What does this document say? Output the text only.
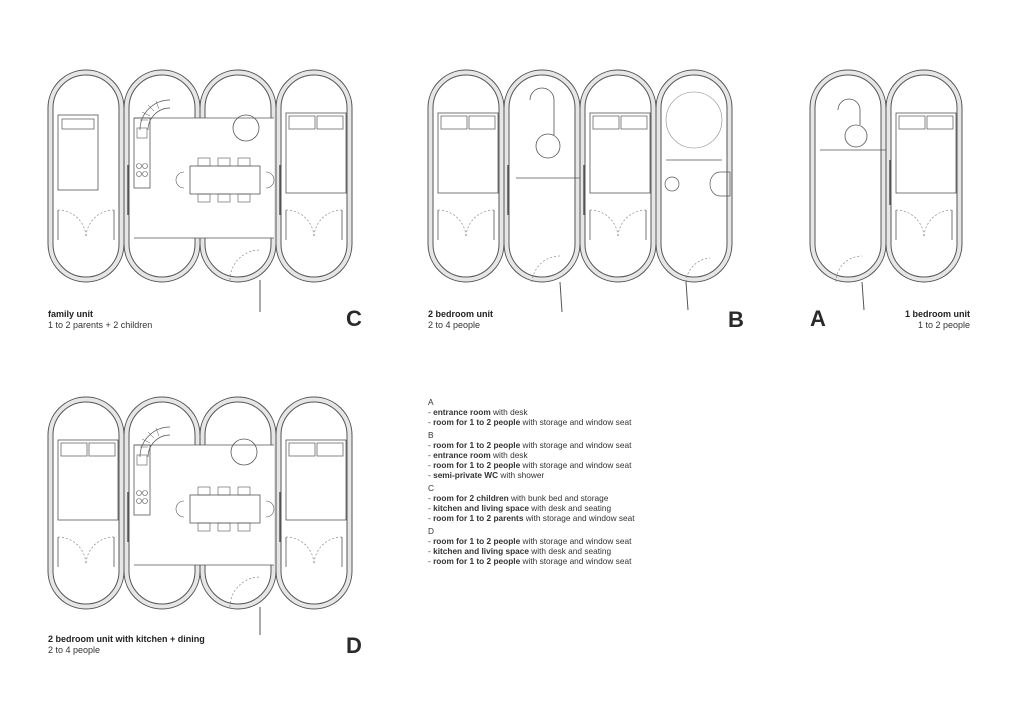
family unit
1 to 2 parents + 2 children	C	2 bedroom unit
2 to 4 people	B	A	1 bedroom unit
1 to 2 people
2 bedroom unit with kitchen + dining
2 to 4 people	D
A
- entrance room with desk
- room for 1 to 2 people with storage and window seat
B
- room for 1 to 2 people with storage and window seat
- entrance room with desk
- room for 1 to 2 people with storage and window seat
- semi-private WC with shower
C
- room for 2 children with bunk bed and storage
- kitchen and living space with desk and seating
- room for 1 to 2 parents with storage and window seat
D
- room for 1 to 2 people with storage and window seat
- kitchen and living space with desk and seating
- room for 1 to 2 people with storage and window seat
